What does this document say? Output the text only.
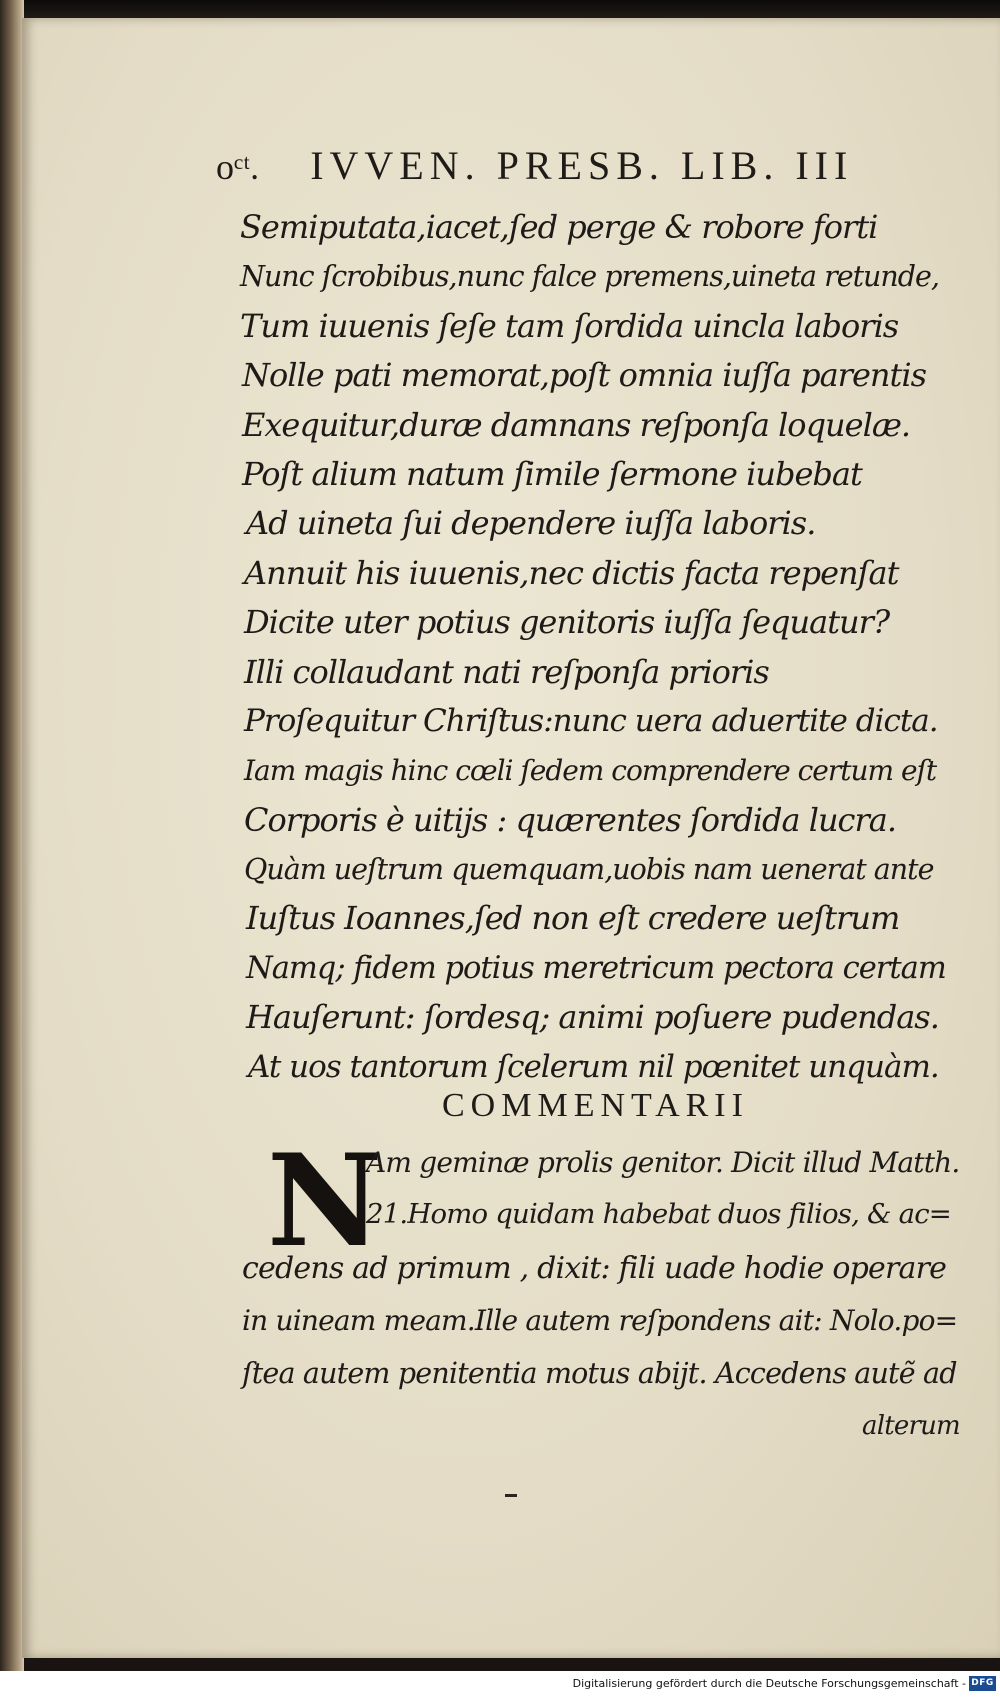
oᶜᵗ. IVVEN. PRESB. LIB. III
Semiputata,iacet,ſed perge & robore forti
Nunc ſcrobibus,nunc falce premens,uineta retunde,
Tum iuuenis ſeſe tam ſordida uincla laboris
Nolle pati memorat,poſt omnia iuſſa parentis
Exequitur,duræ damnans reſponſa loquelæ.
Poſt alium natum ſimile ſermone iubebat
Ad uineta ſui dependere iuſſa laboris.
Annuit his iuuenis,nec dictis facta repenſat
Dicite uter potius genitoris iuſſa ſequatur?
Illi collaudant nati reſponſa prioris
Proſequitur Chriſtus:nunc uera aduertite dicta.
Iam magis hinc cœli ſedem comprendere certum eſt
Corporis è uitijs : quærentes ſordida lucra.
Quàm ueſtrum quemquam,uobis nam uenerat ante
Iuſtus Ioannes,ſed non eſt credere ueſtrum
Namq; fidem potius meretricum pectora certam
Hauſerunt: ſordesq; animi poſuere pudendas.
At uos tantorum ſcelerum nil pœnitet unquàm.
COMMENTARII
N
Am geminæ prolis genitor. Dicit illud Matth.
21.Homo quidam habebat duos filios, & ac=
cedens ad primum , dixit: fili uade hodie operare
in uineam meam.Ille autem reſpondens ait: Nolo.po=
ſtea autem penitentia motus abijt. Accedens autẽ ad
alterum
Digitalisierung gefördert durch die Deutsche Forschungsgemeinschaft - DFG
